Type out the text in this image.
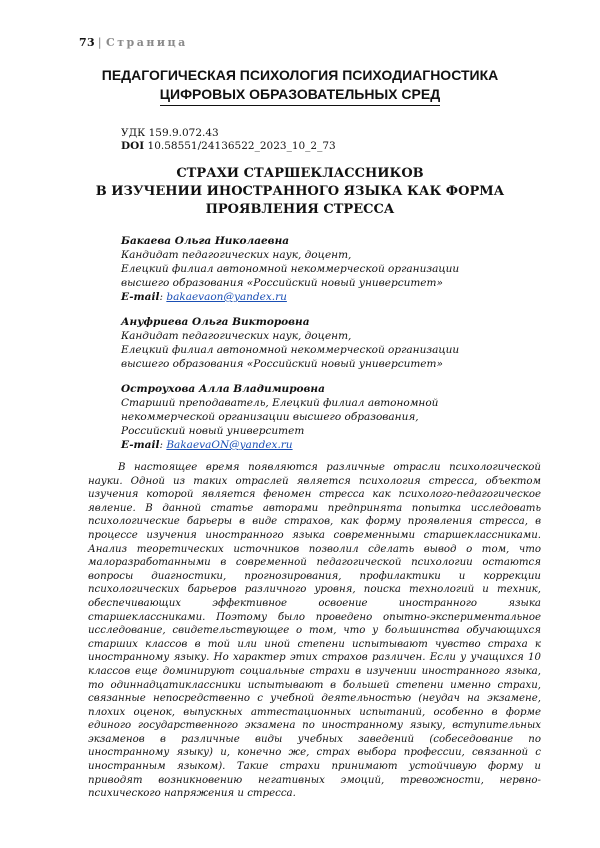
73 | Страница
ПЕДАГОГИЧЕСКАЯ ПСИХОЛОГИЯ ПСИХОДИАГНОСТИКА
ЦИФРОВЫХ ОБРАЗОВАТЕЛЬНЫХ СРЕД
УДК 159.9.072.43
DOI 10.58551/24136522_2023_10_2_73
СТРАХИ СТАРШЕКЛАССНИКОВ
В ИЗУЧЕНИИ ИНОСТРАННОГО ЯЗЫКА КАК ФОРМА
ПРОЯВЛЕНИЯ СТРЕССА
Бакаева Ольга Николаевна
Кандидат педагогических наук, доцент,
Елецкий филиал автономной некоммерческой организации
высшего образования «Российский новый университет»
E-mail: bakaevaon@yandex.ru
Ануфриева Ольга Викторовна
Кандидат педагогических наук, доцент,
Елецкий филиал автономной некоммерческой организации
высшего образования «Российский новый университет»
Остроухова Алла Владимировна
Старший преподаватель, Елецкий филиал автономной
некоммерческой организации высшего образования,
Российский новый университет
E-mail: BakaevaON@yandex.ru

В настоящее время появляются различные отрасли психологической науки. Одной из таких отраслей является психология стресса, объектом изучения которой является феномен стресса как психолого-педагогическое явление. В данной статье авторами предпринята попытка исследовать психологические барьеры в виде страхов, как форму проявления стресса, в процессе изучения иностранного языка современными старшеклассниками. Анализ теоретических источников позволил сделать вывод о том, что малоразработанными в современной педагогической психологии остаются вопросы диагностики, прогнозирования, профилактики и коррекции психологических барьеров различного уровня, поиска технологий и техник, обеспечивающих эффективное освоение иностранного языка старшеклассниками. Поэтому было проведено опытно-экспериментальное исследование, свидетельствующее о том, что у большинства обучающихся старших классов в той или иной степени испытывают чувство страха к иностранному языку. Но характер этих страхов различен. Если у учащихся 10 классов еще доминируют социальные страхи в изучении иностранного языка, то одиннадцатиклассники испытывают в большей степени именно страхи, связанные непосредственно с учебной деятельностью (неудач на экзамене, плохих оценок, выпускных аттестационных испытаний, особенно в форме единого государственного экзамена по иностранному языку, вступительных экзаменов в различные виды учебных заведений (собеседование по иностранному языку) и, конечно же, страх выбора профессии, связанной с иностранным языком). Такие страхи принимают устойчивую форму и приводят возникновению негативных эмоций, тревожности, нервно-психического напряжения и стресса.
